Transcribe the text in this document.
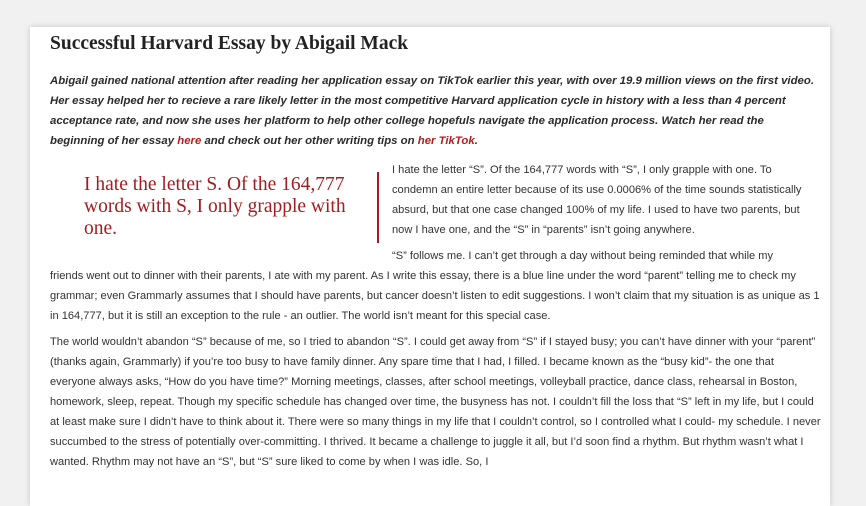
Successful Harvard Essay by Abigail Mack

Abigail gained national attention after reading her application essay on TikTok earlier this year, with over 19.9 million views on the first video. Her essay helped her to recieve a rare likely letter in the most competitive Harvard application cycle in history with a less than 4 percent acceptance rate, and now she uses her platform to help other college hopefuls navigate the application process. Watch her read the beginning of her essay here and check out her other writing tips on her TikTok.

I hate the letter S. Of the 164,777 words with S, I only grapple with one.

I hate the letter “S”. Of the 164,777 words with “S”, I only grapple with one. To condemn an entire letter because of its use 0.0006% of the time sounds statistically absurd, but that one case changed 100% of my life. I used to have two parents, but now I have one, and the “S” in “parents” isn’t going anywhere.

“S” follows me. I can’t get through a day without being reminded that while my

friends went out to dinner with their parents, I ate with my parent. As I write this essay, there is a blue line under the word “parent” telling me to check my grammar; even Grammarly assumes that I should have parents, but cancer doesn’t listen to edit suggestions. I won’t claim that my situation is as unique as 1 in 164,777, but it is still an exception to the rule - an outlier. The world isn’t meant for this special case.

The world wouldn’t abandon “S” because of me, so I tried to abandon “S”. I could get away from “S” if I stayed busy; you can’t have dinner with your “parent” (thanks again, Grammarly) if you’re too busy to have family dinner. Any spare time that I had, I filled. I became known as the “busy kid”- the one that everyone always asks, “How do you have time?” Morning meetings, classes, after school meetings, volleyball practice, dance class, rehearsal in Boston, homework, sleep, repeat. Though my specific schedule has changed over time, the busyness has not. I couldn’t fill the loss that “S” left in my life, but I could at least make sure I didn’t have to think about it. There were so many things in my life that I couldn’t control, so I controlled what I could- my schedule. I never succumbed to the stress of potentially over-committing. I thrived. It became a challenge to juggle it all, but I’d soon find a rhythm. But rhythm wasn’t what I wanted. Rhythm may not have an “S”, but “S” sure liked to come by when I was idle. So, I
